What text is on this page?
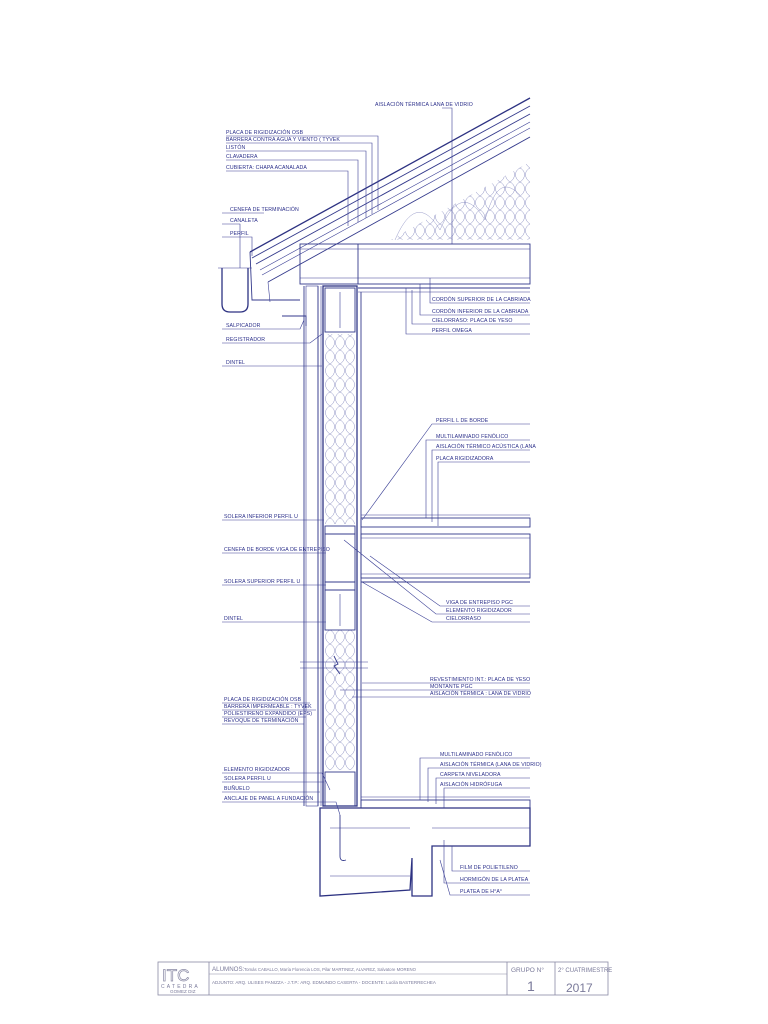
AISLACIÓN TÉRMICA LANA DE VIDRIO
PLACA DE RIGIDIZACIÓN OSB
BARRERA CONTRA AGUA Y VIENTO ( TYVEK
LISTÓN
CLAVADERA
CUBIERTA: CHAPA ACANALADA
CENEFA DE TERMINACIÓN
CANALETA
PERFIL
SALPICADOR
REGISTRADOR
DINTEL
SOLERA INFERIOR PERFIL U
CENEFA DE BORDE VIGA DE ENTREPISO
SOLERA SUPERIOR PERFIL U
DINTEL
PLACA DE RIGIDIZACIÓN OSB
BARRERA IMPERMEABLE : TYVEK
POLIESTIRENO EXPANDIDO (EPS)
REVOQUE DE TERMINACIÓN
ELEMENTO RIGIDIZADOR
SOLERA PERFIL U
BUÑUELO
ANCLAJE DE PANEL A FUNDACIÓN
CORDÓN SUPERIOR DE LA CABRIADA
CORDÓN INFERIOR DE LA CABRIADA
CIELORRASO: PLACA DE YESO
PERFIL OMEGA
PERFIL L DE BORDE
MULTILAMINADO FENÓLICO
AISLACIÓN TÉRMICO ACÚSTICA (LANA
PLACA RIGIDIZADORA
VIGA DE ENTREPISO PGC
ELEMENTO RIGIDIZADOR
CIELORRASO
REVESTIMIENTO INT.: PLACA DE YESO
MONTANTE PGC
AISLACIÓN TÉRMICA : LANA DE VIDRIO
MULTILAMINADO FENÓLICO
AISLACIÓN TÉRMICA (LANA DE VIDRIO)
CARPETA NIVELADORA
AISLACIÓN HIDRÓFUGA
FILM DE POLIETILENO
HORMIGÓN DE LA PLATEA
PLATEA DE H°A°
ITC
CATEDRA
GOMEZ DIZ
ALUMNOS: Tomás CABALLO, María Florencia LOS, Pilar MARTINEZ, ALVAREZ, Salvatore MORENO
ADJUNTO: ARQ. ULISES PANIZZA - J.T.P.: ARQ. EDMUNDO CASERTA - DOCENTE: Lucila BASTERRECHEA
GRUPO N°
1
2° CUATRIMESTRE
2017
